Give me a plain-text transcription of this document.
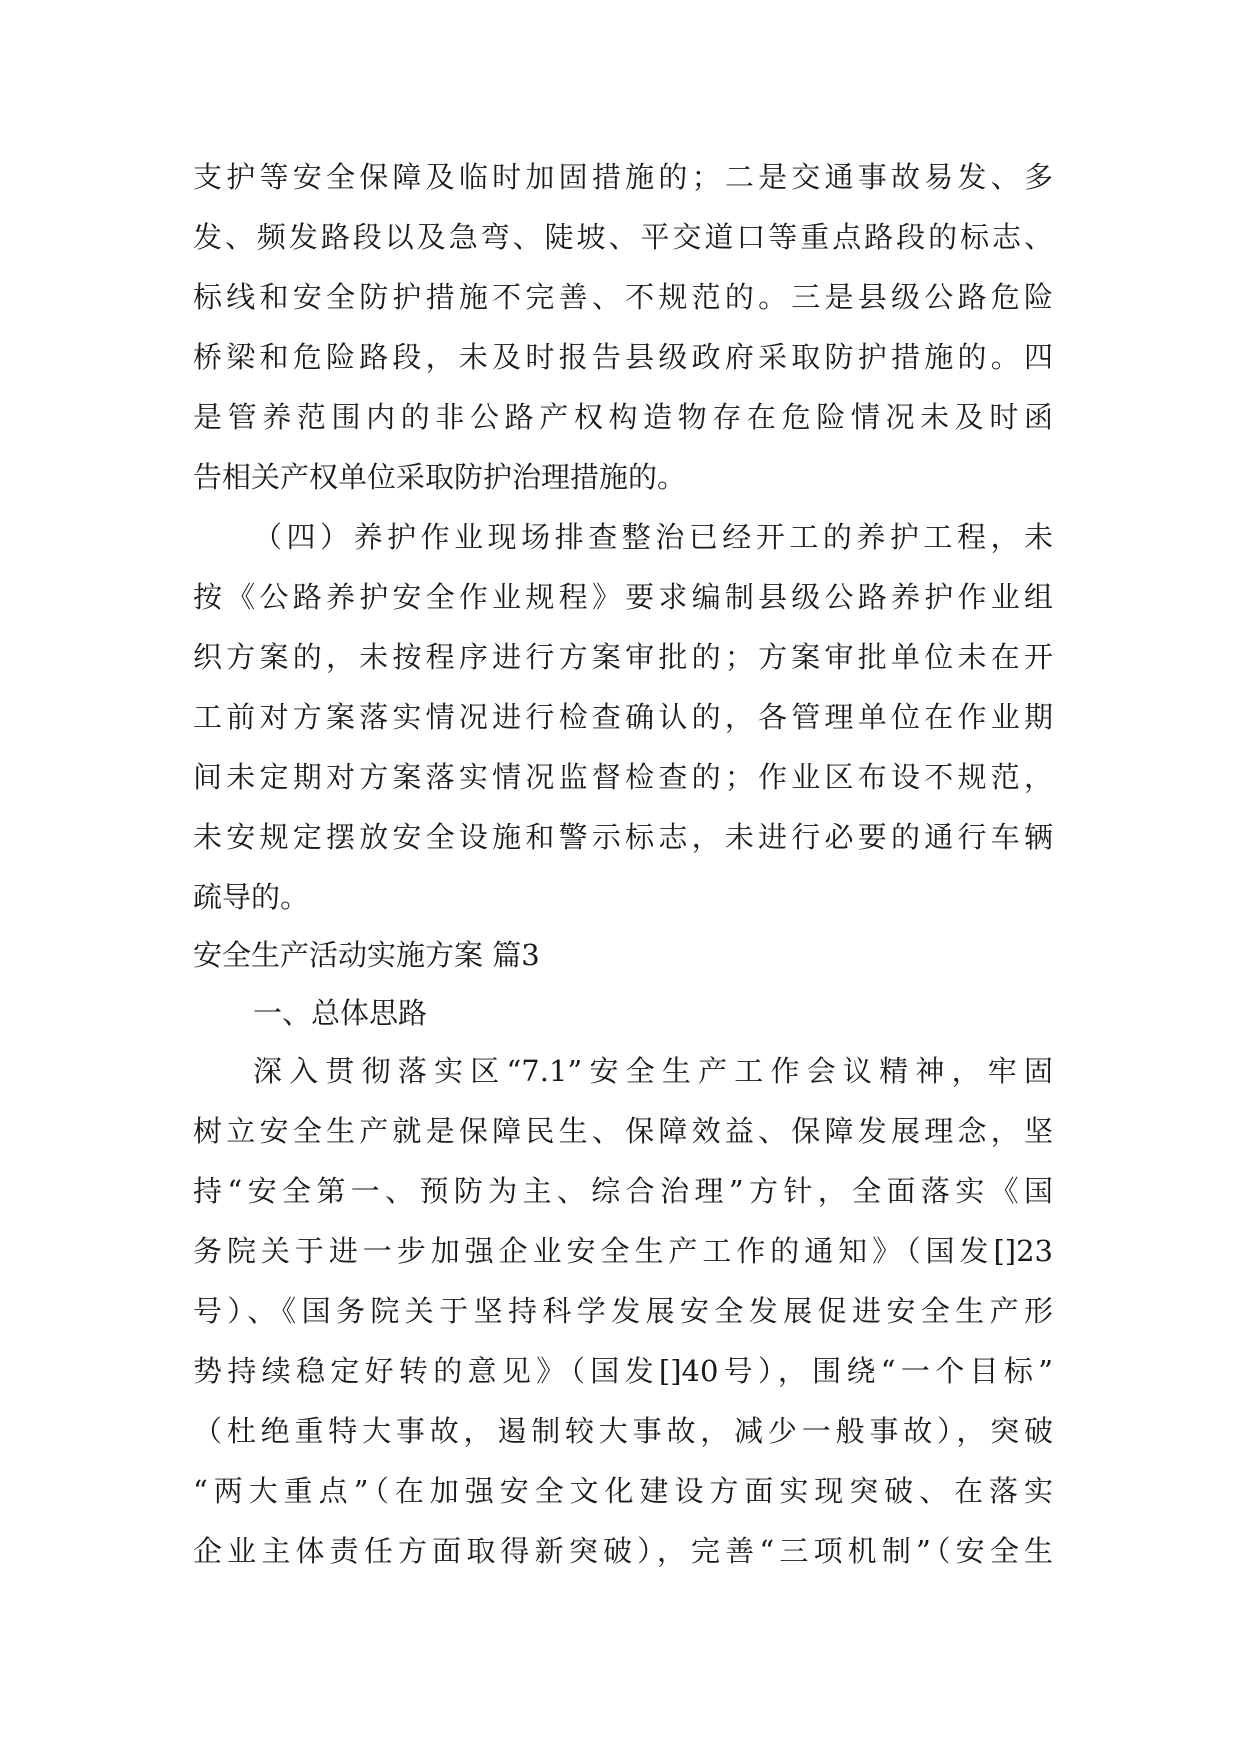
支护等安全保障及临时加固措施的；二是交通事故易发、多
发、频发路段以及急弯、陡坡、平交道口等重点路段的标志、
标线和安全防护措施不完善、不规范的。三是县级公路危险
桥梁和危险路段，未及时报告县级政府采取防护措施的。四
是管养范围内的非公路产权构造物存在危险情况未及时函
告相关产权单位采取防护治理措施的。
（四）养护作业现场排查整治已经开工的养护工程，未
按《公路养护安全作业规程》要求编制县级公路养护作业组
织方案的，未按程序进行方案审批的；方案审批单位未在开
工前对方案落实情况进行检查确认的，各管理单位在作业期
间未定期对方案落实情况监督检查的；作业区布设不规范，
未安规定摆放安全设施和警示标志，未进行必要的通行车辆
疏导的。
安全生产活动实施方案 篇3
一、总体思路
深入贯彻落实区“7.1”安全生产工作会议精神，牢固
树立安全生产就是保障民生、保障效益、保障发展理念，坚
持“安全第一、预防为主、综合治理”方针，全面落实《国
务院关于进一步加强企业安全生产工作的通知》（国发[]23
号）、《国务院关于坚持科学发展安全发展促进安全生产形
势持续稳定好转的意见》（国发[]40号），围绕“一个目标”
（杜绝重特大事故，遏制较大事故，减少一般事故），突破
“两大重点”（在加强安全文化建设方面实现突破、在落实
企业主体责任方面取得新突破），完善“三项机制”（安全生
